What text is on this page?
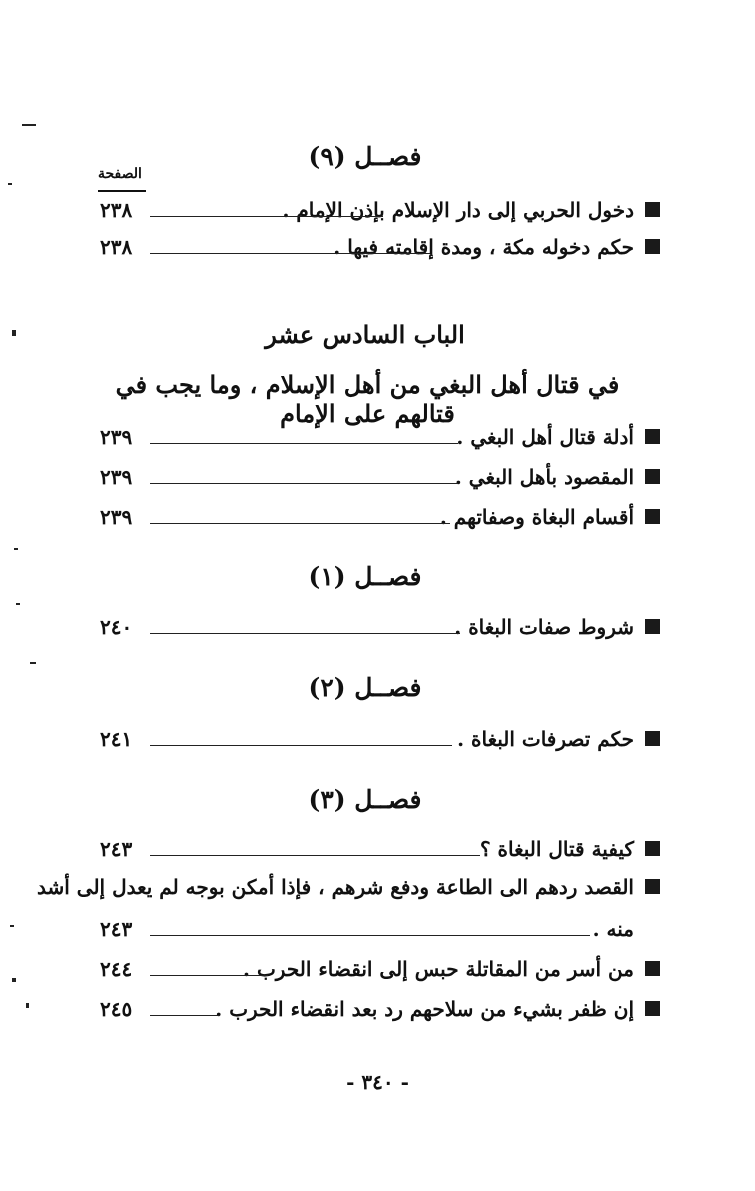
الصفحة
فصــل (٩)
دخول الحربي إلى دار الإسلام بإذن الإمام .
٢٣٨
حكم دخوله مكة ، ومدة إقامته فيها .
٢٣٨
الباب السادس عشر
في قتال أهل البغي من أهل الإسلام ، وما يجب في قتالهم على الإمام
أدلة قتال أهل البغي .
٢٣٩
المقصود بأهل البغي .
٢٣٩
أقسام البغاة وصفاتهم .
٢٣٩
فصــل (١)
شروط صفات البغاة .
٢٤٠
فصــل (٢)
حكم تصرفات البغاة .
٢٤١
فصــل (٣)
كيفية قتال البغاة ؟
٢٤٣
القصد ردهم الى الطاعة ودفع شرهم ، فإذا أمكن بوجه لم يعدل إلى أشد
منه .
٢٤٣
من أسر من المقاتلة حبس إلى انقضاء الحرب .
٢٤٤
إن ظفر بشيء من سلاحهم رد بعد انقضاء الحرب .
٢٤٥
- ٣٤٠ -
